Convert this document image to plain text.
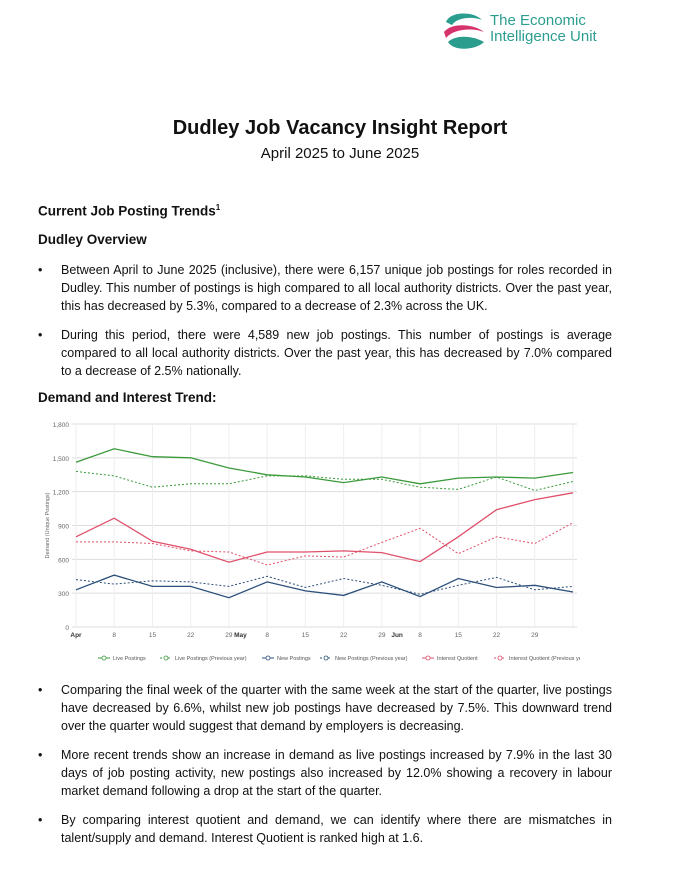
The Economic
Intelligence Unit
Dudley Job Vacancy Insight Report
April 2025 to June 2025
Current Job Posting Trends$^1$
Dudley Overview
• Between April to June 2025 (inclusive), there were 6,157 unique job postings for roles recorded in Dudley. This number of postings is high compared to all local authority districts. Over the past year, this has decreased by 5.3%, compared to a decrease of 2.3% across the UK.
• During this period, there were 4,589 new job postings. This number of postings is average compared to all local authority districts. Over the past year, this has decreased by 7.0% compared to a decrease of 2.5% nationally.
Demand and Interest Trend:
0
300
600
900
1,200
1,500
1,800
Demand (Unique Postings)
Apr	8	15	22	29 May	8	15	22	29 Jun 8	15	22	29
Live Postings	Live Postings (Previous year)	New Postings	New Postings (Previous year)	Interest Quotient	Interest Quotient (Previous y
• Comparing the final week of the quarter with the same week at the start of the quarter, live postings have decreased by 6.6%, whilst new job postings have decreased by 7.5%. This downward trend over the quarter would suggest that demand by employers is decreasing.
• More recent trends show an increase in demand as live postings increased by 7.9% in the last 30 days of job posting activity, new postings also increased by 12.0% showing a recovery in labour market demand following a drop at the start of the quarter.
• By comparing interest quotient and demand, we can identify where there are mismatches in talent/supply and demand. Interest Quotient is ranked high at 1.6.
